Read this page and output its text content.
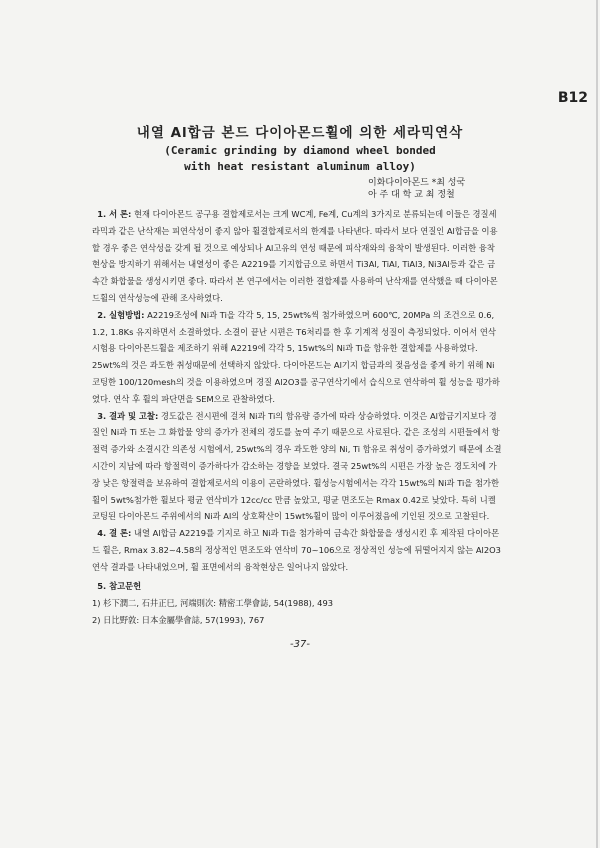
B12
내열 Al합금 본드 다이아몬드휠에 의한 세라믹연삭
(Ceramic grinding by diamond wheel bonded
with heat resistant aluminum alloy)
이화다이아몬드 *최 성국
아 주 대 학 교 최 정철

1. 서 론: 현재 다이아몬드 공구용 결합제로서는 크게 WC계, Fe계, Cu계의 3가지로 분류되는데 이들은 경질세라믹과 같은 난삭재는 피연삭성이 좋지 않아 휠결합제로서의 한계를 나타낸다. 따라서 보다 연질인 Al합금을 이용할 경우 좋은 연삭성을 갖게 될 것으로 예상되나 Al고유의 연성 때문에 피삭재와의 융착이 발생된다. 이러한 융착현상을 방지하기 위해서는 내열성이 좋은 A2219를 기지합금으로 하면서 Ti3Al, TiAl, TiAl3, Ni3Al등과 같은 금속간 화합물을 생성시키면 좋다. 따라서 본 연구에서는 이러한 결합제를 사용하여 난삭재를 연삭했을 때 다이아몬드휠의 연삭성능에 관해 조사하였다.

2. 실험방법: A2219조성에 Ni과 Ti을 각각 5, 15, 25wt%씩 첨가하였으며 600℃, 20MPa 의 조건으로 0.6, 1.2, 1.8Ks 유지하면서 소결하였다. 소결이 끝난 시편은 T6처리를 한 후 기계적 성질이 측정되었다. 이어서 연삭시험용 다이아몬드휠을 제조하기 위해 A2219에 각각 5, 15wt%의 Ni과 Ti을 함유한 결합제를 사용하였다. 25wt%의 것은 과도한 취성때문에 선택하지 않았다. 다이아몬드는 Al기지 합금과의 젖음성을 좋게 하기 위해 Ni코팅한 100/120mesh의 것을 이용하였으며 경질 Al2O3를 공구연삭기에서 습식으로 연삭하여 휠 성능을 평가하였다. 연삭 후 휠의 파단면을 SEM으로 관찰하였다.

3. 결과 및 고찰: 경도값은 전시편에 걸쳐 Ni과 Ti의 함유량 증가에 따라 상승하였다. 이것은 Al합금기지보다 경질인 Ni과 Ti 또는 그 화합물 양의 증가가 전체의 경도를 높여 주기 때문으로 사료된다. 같은 조성의 시편들에서 항절력 증가와 소결시간 의존성 시험에서, 25wt%의 경우 과도한 양의 Ni, Ti 함유로 취성이 증가하였기 때문에 소결시간이 지남에 따라 항절력이 증가하다가 감소하는 경향을 보였다. 결국 25wt%의 시편은 가장 높은 경도치에 가장 낮은 항절력을 보유하여 결합제로서의 이용이 곤란하였다. 휠성능시험에서는 각각 15wt%의 Ni과 Ti을 첨가한 휠이 5wt%첨가한 휠보다 평균 연삭비가 12cc/cc 만큼 높았고, 평균 면조도는 Rmax 0.42로 낮았다. 특히 니켈 코팅된 다이아몬드 주위에서의 Ni과 Al의 상호확산이 15wt%휠이 많이 이루어졌음에 기인된 것으로 고찰된다.

4. 결 론: 내열 Al합금 A2219를 기지로 하고 Ni과 Ti을 첨가하여 금속간 화합물을 생성시킨 후 제작된 다이아몬드 휠은, Rmax 3.82~4.58의 정상적인 면조도와 연삭비 70~106으로 정상적인 성능에 뒤떨어지지 않는 Al2O3연삭 결과를 나타내었으며, 휠 표면에서의 융착현상은 일어나지 않았다.

5. 참고문헌
1) 杉下潤二, 石井正巳, 河端則次: 精密工學會誌, 54(1988), 493
2) 日比野敦: 日本金屬學會誌, 57(1993), 767
-37-
